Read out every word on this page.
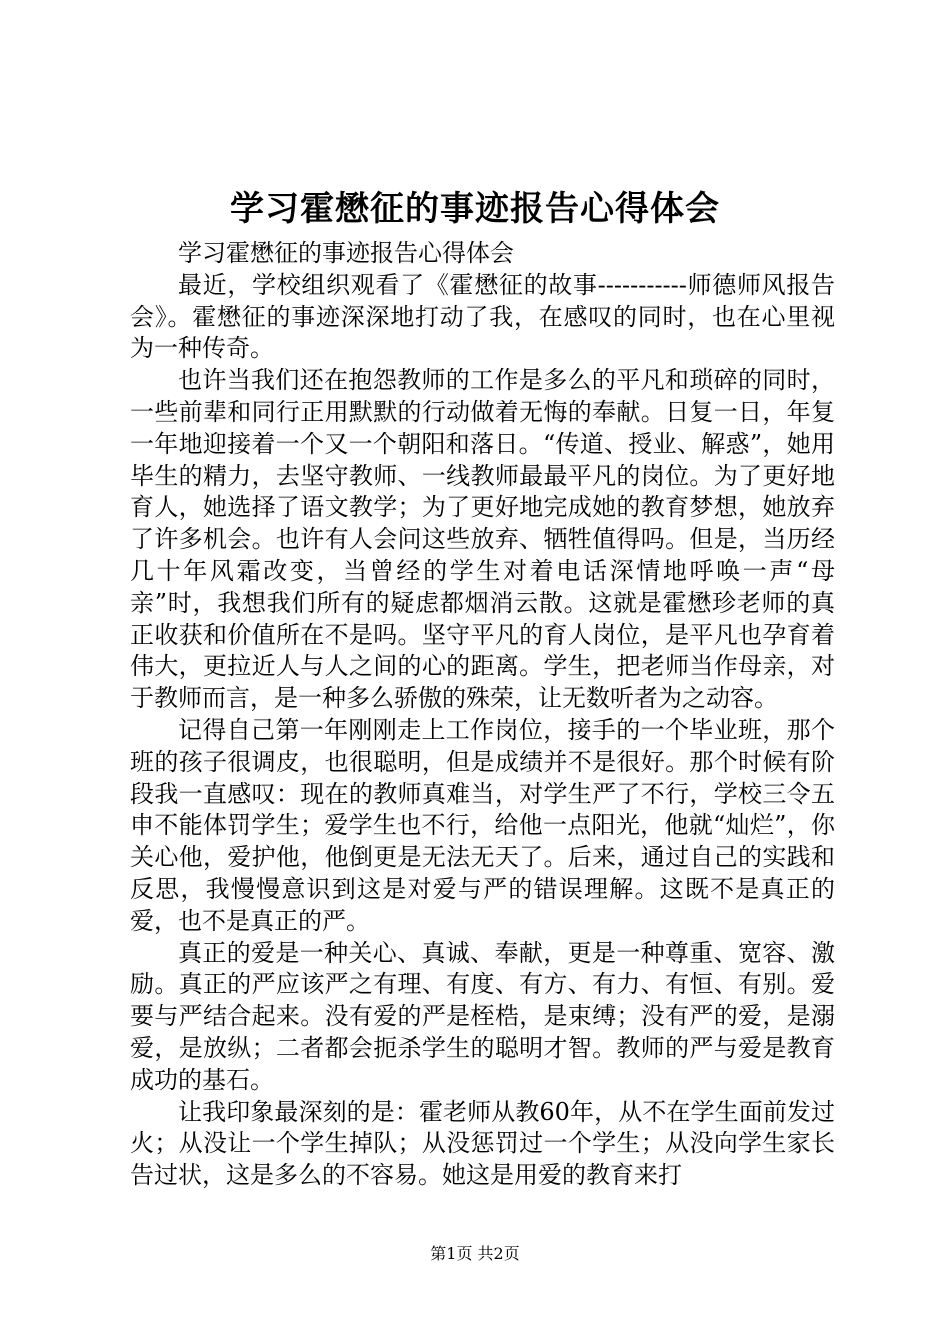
学习霍懋征的事迹报告心得体会

学习霍懋征的事迹报告心得体会

最近，学校组织观看了《霍懋征的故事-----------师德师风报告会》。霍懋征的事迹深深地打动了我，在感叹的同时，也在心里视为一种传奇。

也许当我们还在抱怨教师的工作是多么的平凡和琐碎的同时，一些前辈和同行正用默默的行动做着无悔的奉献。日复一日，年复一年地迎接着一个又一个朝阳和落日。“传道、授业、解惑”，她用毕生的精力，去坚守教师、一线教师最最平凡的岗位。为了更好地育人，她选择了语文教学；为了更好地完成她的教育梦想，她放弃了许多机会。也许有人会问这些放弃、牺牲值得吗。但是，当历经几十年风霜改变，当曾经的学生对着电话深情地呼唤一声“母亲”时，我想我们所有的疑虑都烟消云散。这就是霍懋珍老师的真正收获和价值所在不是吗。坚守平凡的育人岗位，是平凡也孕育着伟大，更拉近人与人之间的心的距离。学生，把老师当作母亲，对于教师而言，是一种多么骄傲的殊荣，让无数听者为之动容。

记得自己第一年刚刚走上工作岗位，接手的一个毕业班，那个班的孩子很调皮，也很聪明，但是成绩并不是很好。那个时候有阶段我一直感叹：现在的教师真难当，对学生严了不行，学校三令五申不能体罚学生；爱学生也不行，给他一点阳光，他就“灿烂”，你关心他，爱护他，他倒更是无法无天了。后来，通过自己的实践和反思，我慢慢意识到这是对爱与严的错误理解。这既不是真正的爱，也不是真正的严。

真正的爱是一种关心、真诚、奉献，更是一种尊重、宽容、激励。真正的严应该严之有理、有度、有方、有力、有恒、有别。爱要与严结合起来。没有爱的严是桎梏，是束缚；没有严的爱，是溺爱，是放纵；二者都会扼杀学生的聪明才智。教师的严与爱是教育成功的基石。

让我印象最深刻的是：霍老师从教60年，从不在学生面前发过火；从没让一个学生掉队；从没惩罚过一个学生；从没向学生家长告过状，这是多么的不容易。她这是用爱的教育来打

第1页 共2页
